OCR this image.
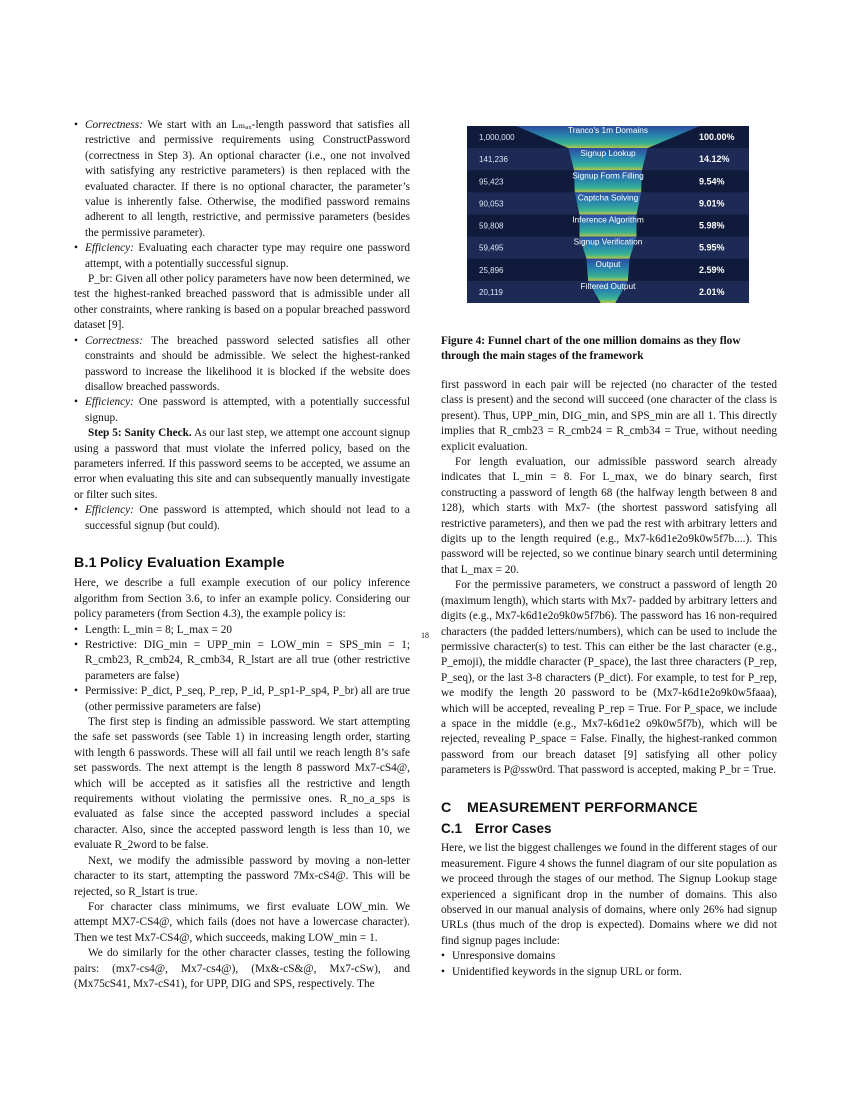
• Correctness: We start with an Lₘₐₓ-length password that satisfies all restrictive and permissive requirements using ConstructPassword (correctness in Step 3). An optional character (i.e., one not involved with satisfying any restrictive parameters) is then replaced with the evaluated character. If there is no optional character, the parameter’s value is inherently false. Otherwise, the modified password remains adherent to all length, restrictive, and permissive parameters (besides the permissive parameter).
• Efficiency: Evaluating each character type may require one password attempt, with a potentially successful signup.

P_br: Given all other policy parameters have now been determined, we test the highest-ranked breached password that is admissible under all other constraints, where ranking is based on a popular breached password dataset [9].

• Correctness: The breached password selected satisfies all other constraints and should be admissible. We select the highest-ranked password to increase the likelihood it is blocked if the website does disallow breached passwords.
• Efficiency: One password is attempted, with a potentially successful signup.

Step 5: Sanity Check. As our last step, we attempt one account signup using a password that must violate the inferred policy, based on the parameters inferred. If this password seems to be accepted, we assume an error when evaluating this site and can subsequently manually investigate or filter such sites.

• Efficiency: One password is attempted, which should not lead to a successful signup (but could).
B.1 Policy Evaluation Example

Here, we describe a full example execution of our policy inference algorithm from Section 3.6, to infer an example policy. Considering our policy parameters (from Section 4.3), the example policy is:

• Length: L_min = 8; L_max = 20
• Restrictive: DIG_min = UPP_min = LOW_min = SPS_min = 1; R_cmb23, R_cmb24, R_cmb34, R_lstart are all true (other restrictive parameters are false)
• Permissive: P_dict, P_seq, P_rep, P_id, P_sp1-P_sp4, P_br) all are true (other permissive parameters are false)

The first step is finding an admissible password. We start attempting the safe set passwords (see Table 1) in increasing length order, starting with length 6 passwords. These will all fail until we reach length 8’s safe set passwords. The next attempt is the length 8 password Mx7-cS4@, which will be accepted as it satisfies all the restrictive and length requirements without violating the permissive ones. R_no_a_sps is evaluated as false since the accepted password includes a special character. Also, since the accepted password length is less than 10, we evaluate R_2word to be false.

Next, we modify the admissible password by moving a non-letter character to its start, attempting the password 7Mx-cS4@. This will be rejected, so R_lstart is true.

For character class minimums, we first evaluate LOW_min. We attempt MX7-CS4@, which fails (does not have a lowercase character). Then we test Mx7-CS4@, which succeeds, making LOW_min = 1.

We do similarly for the other character classes, testing the following pairs: (mx7-cs4@, Mx7-cs4@), (Mx&-cS&@, Mx7-cSw), and (Mx75cS41, Mx7-cS41), for UPP, DIG and SPS, respectively. The

1,000,000	100.00%
Tranco's 1m Domains
141,236	14.12%
Signup Lookup
95,423	9.54%
Signup Form Filling
90,053	9.01%
Captcha Solving
59,808	5.98%
Inference Algorithm
59,495	5.95%
Signup Verification
25,896	2.59%
Output
20,119	2.01%
Filtered Output
Figure 4: Funnel chart of the one million domains as they flow through the main stages of the framework

first password in each pair will be rejected (no character of the tested class is present) and the second will succeed (one character of the class is present). Thus, UPP_min, DIG_min, and SPS_min are all 1. This directly implies that R_cmb23 = R_cmb24 = R_cmb34 = True, without needing explicit evaluation.

For length evaluation, our admissible password search already indicates that L_min = 8. For L_max, we do binary search, first constructing a password of length 68 (the halfway length between 8 and 128), which starts with Mx7- (the shortest password satisfying all restrictive parameters), and then we pad the rest with arbitrary letters and digits up to the length required (e.g., Mx7-k6d1e2o9k0w5f7b....). This password will be rejected, so we continue binary search until determining that L_max = 20.

For the permissive parameters, we construct a password of length 20 (maximum length), which starts with Mx7- padded by arbitrary letters and digits (e.g., Mx7-k6d1e2o9k0w5f7b6). The password has 16 non-required characters (the padded letters/numbers), which can be used to include the permissive character(s) to test. This can either be the last character (e.g., P_emoji), the middle character (P_space), the last three characters (P_rep, P_seq), or the last 3-8 characters (P_dict). For example, to test for P_rep, we modify the length 20 password to be (Mx7-k6d1e2o9k0w5faaa), which will be accepted, revealing P_rep = True. For P_space, we include a space in the middle (e.g., Mx7-k6d1e2 o9k0w5f7b), which will be rejected, revealing P_space = False. Finally, the highest-ranked common password from our breach dataset [9] satisfying all other policy parameters is P@ssw0rd. That password is accepted, making P_br = True.

C MEASUREMENT PERFORMANCE
C.1 Error Cases

Here, we list the biggest challenges we found in the different stages of our measurement. Figure 4 shows the funnel diagram of our site population as we proceed through the stages of our method. The Signup Lookup stage experienced a significant drop in the number of domains. This also observed in our manual analysis of domains, where only 26% had signup URLs (thus much of the drop is expected). Domains where we did not find signup pages include:

• Unresponsive domains
• Unidentified keywords in the signup URL or form.
18
